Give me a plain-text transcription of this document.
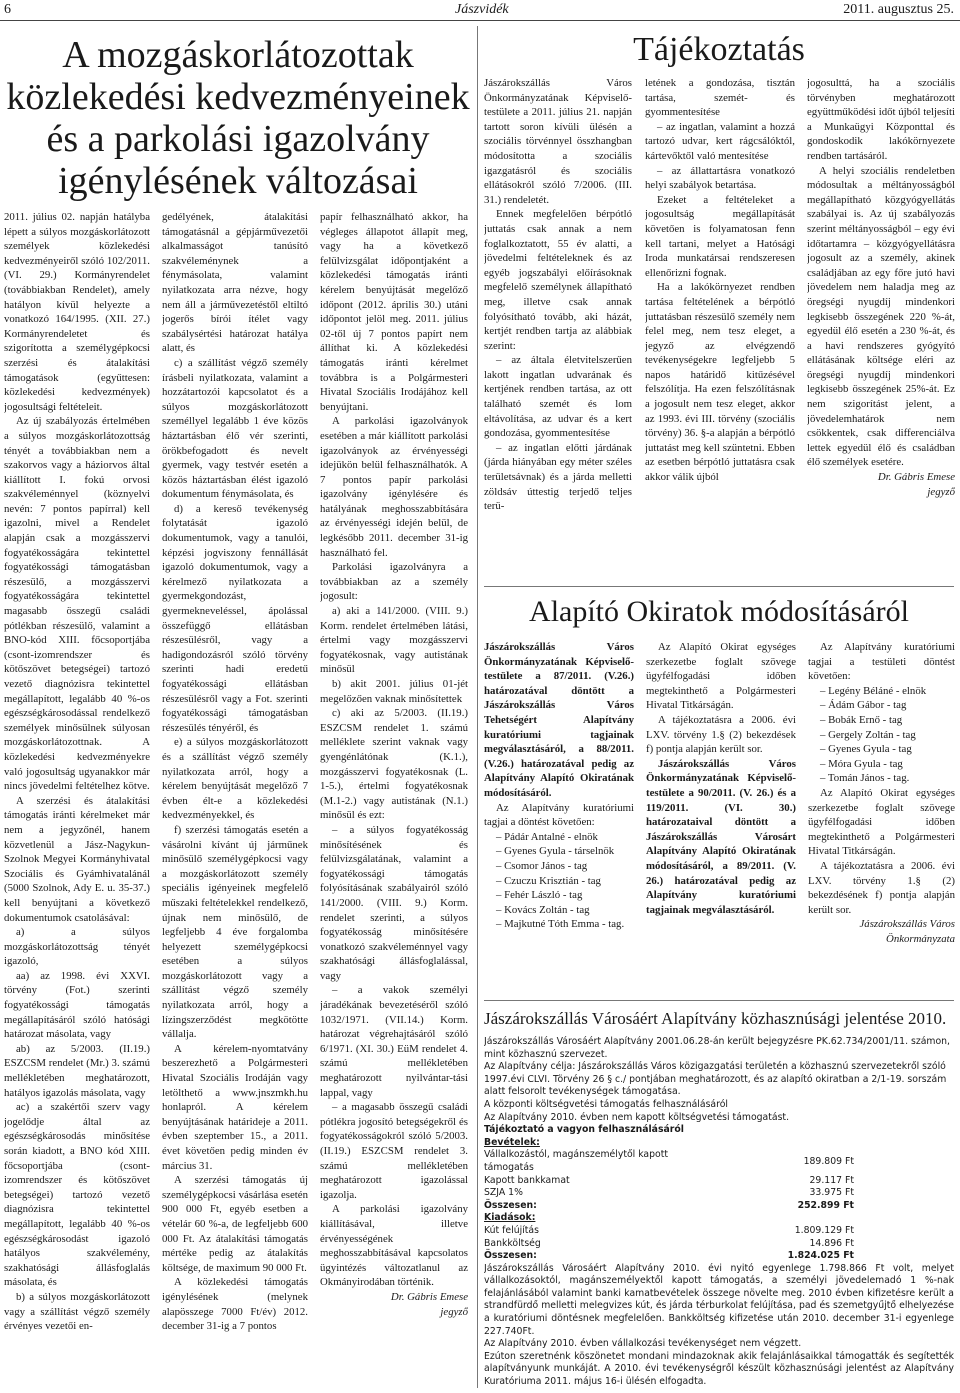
6	Jászvidék	2011. augusztus 25.
A mozgáskorlátozottak
közlekedési kedvezményeinek
és a parkolási igazolvány
igénylésének változásai

2011. július 02. napján hatályba lépett a súlyos mozgáskorlátozott személyek közlekedési kedvezményeiről szóló 102/2011. (VI. 29.) Kormányrendelet (továbbiakban Rendelet), amely hatályon kívül helyezte a vonatkozó 164/1995. (XII. 27.) Kormányrendeletet és szigorította a személygépkocsi szerzési és átalakítási támogatások (egyűttesen: közlekedési kedvezmények) jogosultsági feltételeit.

Az új szabályozás értelmében a súlyos mozgáskorlátozottság tényét a továbbiakban nem a szakorvos vagy a háziorvos által kiállított I. fokú orvosi szakvéleménnyel (köznyelvi nevén: 7 pontos papírral) kell igazolni, mivel a Rendelet alapján csak a mozgásszervi fogyatékosságára tekintettel fogyatékossági támogatásban részesülő, a mozgásszervi fogyatékosságára tekintettel magasabb összegű családi pótlékban részesülő, valamint a BNO-kód XIII. főcsoportjába (csont-izomrendszer és kötőszövet betegségei) tartozó vezető diagnózisra tekintettel megállapított, legalább 40 %-os egészségkárosodással rendelkező személyek minősülnek súlyosan mozgáskorlátozottnak. A közlekedési kedvezményekre való jogosultság ugyanakkor már nincs jövedelmi feltételhez kötve.

A szerzési és átalakítási támogatás iránti kérelmeket már nem a jegyzőnél, hanem közvetlenül a Jász-Nagykun-Szolnok Megyei Kormányhivatal Szociális és Gyámhivatalánál (5000 Szolnok, Ady E. u. 35-37.) kell benyújtani a következő dokumentumok csatolásával:

a) a súlyos mozgáskorlátozottság tényét igazoló,

aa) az 1998. évi XXVI. törvény (Fot.) szerinti fogyatékossági támogatás megállapításáról szóló hatósági határozat másolata, vagy

ab) az 5/2003. (II.19.) ESZCSM rendelet (Mr.) 3. számú mellékletében meghatározott, hatályos igazolás másolata, vagy

ac) a szakértői szerv vagy jogelődje által az egészségkárosodás minősítése során kiadott, a BNO kód XIII. főcsoportjába (csont-izomrendszer és kötőszövet betegségei) tartozó vezető diagnózisra tekintettel megállapított, legalább 40 %-os egészségkárosodást igazoló hatályos szakvélemény, szakhatósági állásfoglalás másolata, és

b) a súlyos mozgáskorlátozott vagy a szállítást végző személy érvényes vezetői en-

gedélyének, átalakítási támogatásnál a gépjárművezetői alkalmasságot tanúsító szakvéleménynek a fénymásolata, valamint nyilatkozata arra nézve, hogy nem áll a járművezetéstől eltiltó jogerős bírói ítélet vagy szabálysértési határozat hatálya alatt, és

c) a szállítást végző személy írásbeli nyilatkozata, valamint a hozzátartozói kapcsolatot és a súlyos mozgáskorlátozott személlyel legalább 1 éve közös háztartásban élő vér szerinti, örökbefogadott és nevelt gyermek, vagy testvér esetén a közös háztartásban élést igazoló dokumentum fénymásolata, és

d) a kereső tevékenység folytatását igazoló dokumentumok, vagy a tanulói, képzési jogviszony fennállását igazoló dokumentumok, vagy a kérelmező nyilatkozata a gyermekgondozást, gyermekneveléssel, ápolással összefüggő ellátásban részesülésről, vagy a hadigondozásról szóló törvény szerinti hadi eredetű fogyatékossági ellátásban részesülésről vagy a Fot. szerinti fogyatékossági támogatásban részesülés tényéről, és

e) a súlyos mozgáskorlátozott és a szállítást végző személy nyilatkozata arról, hogy a kérelem benyújtását megelőző 7 évben élt-e a közlekedési kedvezményekkel, és

f) szerzési támogatás esetén a vásárolni kívánt új járműnek minősülő személygépkocsi vagy a mozgáskorlátozott személy speciális igényeinek megfelelő műszaki feltételekkel rendelkező, újnak nem minősülő, de legfeljebb 4 éve forgalomba helyezett személygépkocsi esetében a súlyos mozgáskorlátozott vagy a szállítást végző személy nyilatkozata arról, hogy a lízingszerződést megkötötte vállalja.

A kérelem-nyomtatvány beszerezhető a Polgármesteri Hivatal Szociális Irodáján vagy letölthető a www.jnszmkh.hu honlapról. A kérelem benyújtásának határideje a 2011. évben szeptember 15., a 2011. évet követően pedig minden év március 31.

A szerzési támogatás új személygépkocsi vásárlása esetén 900 000 Ft, egyéb esetben a vételár 60 %-a, de legfeljebb 600 000 Ft. Az átalakítási támogatás mértéke pedig az átalakítás költsége, de maximum 90 000 Ft.

A közlekedési támogatás igénylésének (melynek alapösszege 7000 Ft/év) 2012. december 31-ig a 7 pontos

papír felhasználható akkor, ha végleges állapotot állapít meg, vagy ha a következő felülvizsgálat időpontjaként a közlekedési támogatás iránti kérelem benyújtását megelőző időpont (2012. április 30.) utáni időpontot jelöl meg. 2011. július 02-től új 7 pontos papírt nem állíthat ki. A közlekedési támogatás iránti kérelmet továbbra is a Polgármesteri Hivatal Szociális Irodájához kell benyújtani.

A parkolási igazolványok esetében a már kiállított parkolási igazolványok az érvényességi idejükön belül felhasználhatók. A 7 pontos papír parkolási igazolvány igénylésére és hatályának meghosszabbítására az érvényességi idején belül, de legkésőbb 2011. december 31-ig használható fel.

Parkolási igazolványra a továbbiakban az a személy jogosult:

a) aki a 141/2000. (VIII. 9.) Korm. rendelet értelmében látási, értelmi vagy mozgásszervi fogyatékosnak, vagy autistának minősül

b) akit 2001. július 01-jét megelőzően vaknak minősítettek

c) aki az 5/2003. (II.19.) ESZCSM rendelet 1. számú melléklete szerint vaknak vagy gyengénlátónak (K.1.), mozgásszervi fogyatékosnak (L. 1-5.), értelmi fogyatékosnak (M.1-2.) vagy autistának (N.1.) minősül és ezt:

– a súlyos fogyatékosság minősítésének és felülvizsgálatának, valamint a fogyatékossági támogatás folyósításának szabályairól szóló 141/2000. (VIII. 9.) Korm. rendelet szerinti, a súlyos fogyatékosság minősítésére vonatkozó szakvéleménnyel vagy szakhatósági állásfoglalással, vagy

– a vakok személyi járadékának bevezetéséről szóló 1032/1971. (VII.14.) Korm. határozat végrehajtásáról szóló 6/1971. (XI. 30.) EüM rendelet 4. számú mellékletében meghatározott nyilvántar-tási lappal, vagy

– a magasabb összegű családi pótlékra jogosító betegségekről és fogyatékosságokról szóló 5/2003. (II.19.) ESZCSM rendelet 3. számú mellékletében meghatározott igazolással igazolja.

A parkolási igazolvány kiállításával, illetve érvényességének meghosszabbításával kapcsolatos ügyintézés változatlanul az Okmányirodában történik.

Dr. Gábris Emese

jegyző

Tájékoztatás

Jászárokszállás Város Önkormányzatának Képviselő-testülete a 2011. július 21. napján tartott soron kívüli ülésén a szociális törvénnyel összhangban módosította a szociális igazgatásról és szociális ellátásokról szóló 7/2006. (III. 31.) rendeletét.

Ennek megfelelően bérpótló juttatás csak annak a nem foglalkoztatott, 55 év alatti, a jövedelmi feltételeknek és az egyéb jogszabályi előírásoknak megfelelő személynek állapítható meg, illetve csak annak folyósítható tovább, aki házát, kertjét rendben tartja az alábbiak szerint:

– az általa életvitelszerűen lakott ingatlan udvarának és kertjének rendben tartása, az ott található szemét és lom eltávolítása, az udvar és a kert gondozása, gyommentesítése

– az ingatlan előtti járdának (járda hiányában egy méter széles területsávnak) és a járda melletti zöldsáv úttestig terjedő teljes terü-

letének a gondozása, tisztán tartása, szemét- és gyommentesítése

– az ingatlan, valamint a hozzá tartozó udvar, kert rágcsálóktól, kártevőktől való mentesítése

– az állattartásra vonatkozó helyi szabályok betartása.

Ezeket a feltételeket a jogosultság megállapítását követően is folyamatosan fenn kell tartani, melyet a Hatósági Iroda munkatársai rendszeresen ellenőrizni fognak.

Ha a lakókörnyezet rendben tartása feltételének a bérpótló juttatásban részesülő személy nem felel meg, nem tesz eleget, a jegyző az elvégzendő tevékenységekre legfeljebb 5 napos határidő kitűzésével felszólítja. Ha ezen felszólításnak a jogosult nem tesz eleget, akkor az 1993. évi III. törvény (szociális törvény) 36. §-a alapján a bérpótló juttatást meg kell szüntetni. Ebben az esetben bérpótló juttatásra csak akkor válik újból

jogosulttá, ha a szociális törvényben meghatározott együttműködési időt újból teljesíti a Munkaügyi Központtal és gondoskodik lakókörnyezete rendben tartásáról.

A helyi szociális rendeletben módosultak a méltányosságból megállapítható közgyógyellátás szabályai is. Az új szabályozás szerint méltányosságból – egy évi időtartamra – közgyógyellátásra jogosult az a személy, akinek családjában az egy főre jutó havi jövedelem nem haladja meg az öregségi nyugdíj mindenkori legkisebb összegének 220 %-át, egyedül élő esetén a 230 %-át, és a havi rendszeres gyógyító ellátásának költsége eléri az öregségi nyugdíj mindenkori legkisebb összegének 25%-át. Ez nem szigorítást jelent, a jövedelemhatárok nem csökkentek, csak differenciálva lettek egyedül élő és családban élő személyek esetére.

Dr. Gábris Emese

jegyző

Alapító Okiratok módosításáról

Jászárokszállás Város Önkormányzatának Képviselő-testülete a 87/2011. (V.26.) határozatával döntött a Jászárokszállás Város Tehetségért Alapítvány kuratóriumi tagjainak megválasztásáról, a 88/2011. (V.26.) határozatával pedig az Alapítvány Alapító Okiratának módosításáról.

Az Alapítvány kuratóriumi tagjai a döntést követően:

– Pádár Antalné - elnök

– Gyenes Gyula - társelnök

– Csomor János - tag

– Czuczu Krisztián - tag

– Fehér László - tag

– Kovács Zoltán - tag

– Majkutné Tóth Emma - tag.

Az Alapító Okirat egységes szerkezetbe foglalt szövege ügyfélfogadási időben megtekinthető a Polgármesteri Hivatal Titkárságán.

A tájékoztatásra a 2006. évi LXV. törvény 1.§ (2) bekezdések f) pontja alapján került sor.

Jászárokszállás Város Önkormányzatának Képviselő-testülete a 90/2011. (V. 26.) és a 119/2011. (VI. 30.) határozataival döntött a Jászárokszállás Városárt Alapítvány Alapító Okiratának módosításáról, a 89/2011. (V. 26.) határozatával pedig az Alapítvány kuratóriumi tagjainak megválasztásáról.

Az Alapítvány kuratóriumi tagjai a testületi döntést követően:

– Legény Béláné - elnök

– Ádám Gábor - tag

– Bobák Ernő - tag

– Gergely Zoltán - tag

– Gyenes Gyula - tag

– Móra Gyula - tag

– Tomán János - tag.

Az Alapító Okirat egységes szerkezetbe foglalt szövege ügyfélfogadási időben megtekinthető a Polgármesteri Hivatal Titkárságán.

A tájékoztatásra a 2006. évi LXV. törvény 1.§ (2) bekezdésének f) pontja alapján került sor.

Jászárokszállás Város

Önkormányzata

Jászárokszállás Városáért Alapítvány közhasznúsági jelentése 2010.

Jászárokszállás Városáért Alapítvány 2001.06.28-án került bejegyzésre PK.62.734/2001/11. számon, mint közhasznú szervezet.

Az Alapítvány célja: Jászárokszállás Város közigazgatási területén a közhasznú szervezetekről szóló 1997.évi CLVI. Törvény 26 § c./ pontjában meghatározott, és az alapító okiratban a 2/1-19. sorszám alatt felsorolt tevékenységek támogatása.

A központi költségvetési támogatás felhasználásáról

Az Alapítvány 2010. évben nem kapott költségvetési támogatást.

Tájékoztató a vagyon felhasználásáról

Bevételek:

Vállalkozástól, magánszemélytől kapott támogatás	189.809 Ft
Kapott bankkamat	29.117 Ft
SZJA 1%	33.975 Ft
Összesen:	252.899 Ft

Kiadások:

Kút felújítás	1.809.129 Ft
Bankköltség	14.896 Ft
Összesen:	1.824.025 Ft

Jászárokszállás Városáért Alapítvány 2010. évi nyitó egyenlege 1.798.866 Ft volt, melyet vállalkozásoktól, magánszemélyektől kapott támogatás, a személyi jövedelemadó 1 %-nak felajánlásából valamint banki kamatbevételek összege növelte meg. 2010 évben kifizetésre került a strandfürdő melletti melegvizes kút, és járda térburkolat felújítása, pad és szemetgyűjtő elhelyezése a kuratóriumi döntésnek megfelelően. Bankköltség kifizetése után 2010. december 31-i egyenlege 227.740Ft.

Az Alapítvány 2010. évben vállalkozási tevékenységet nem végzett.

Ezúton szeretnénk köszönetet mondani mindazoknak akik felajánlásaikkal támogatták és segítették alapítványunk munkáját. A 2010. évi tevékenységről készült közhasznúsági jelentést az Alapítvány Kuratóriuma 2011. május 16-i ülésén elfogadta.
